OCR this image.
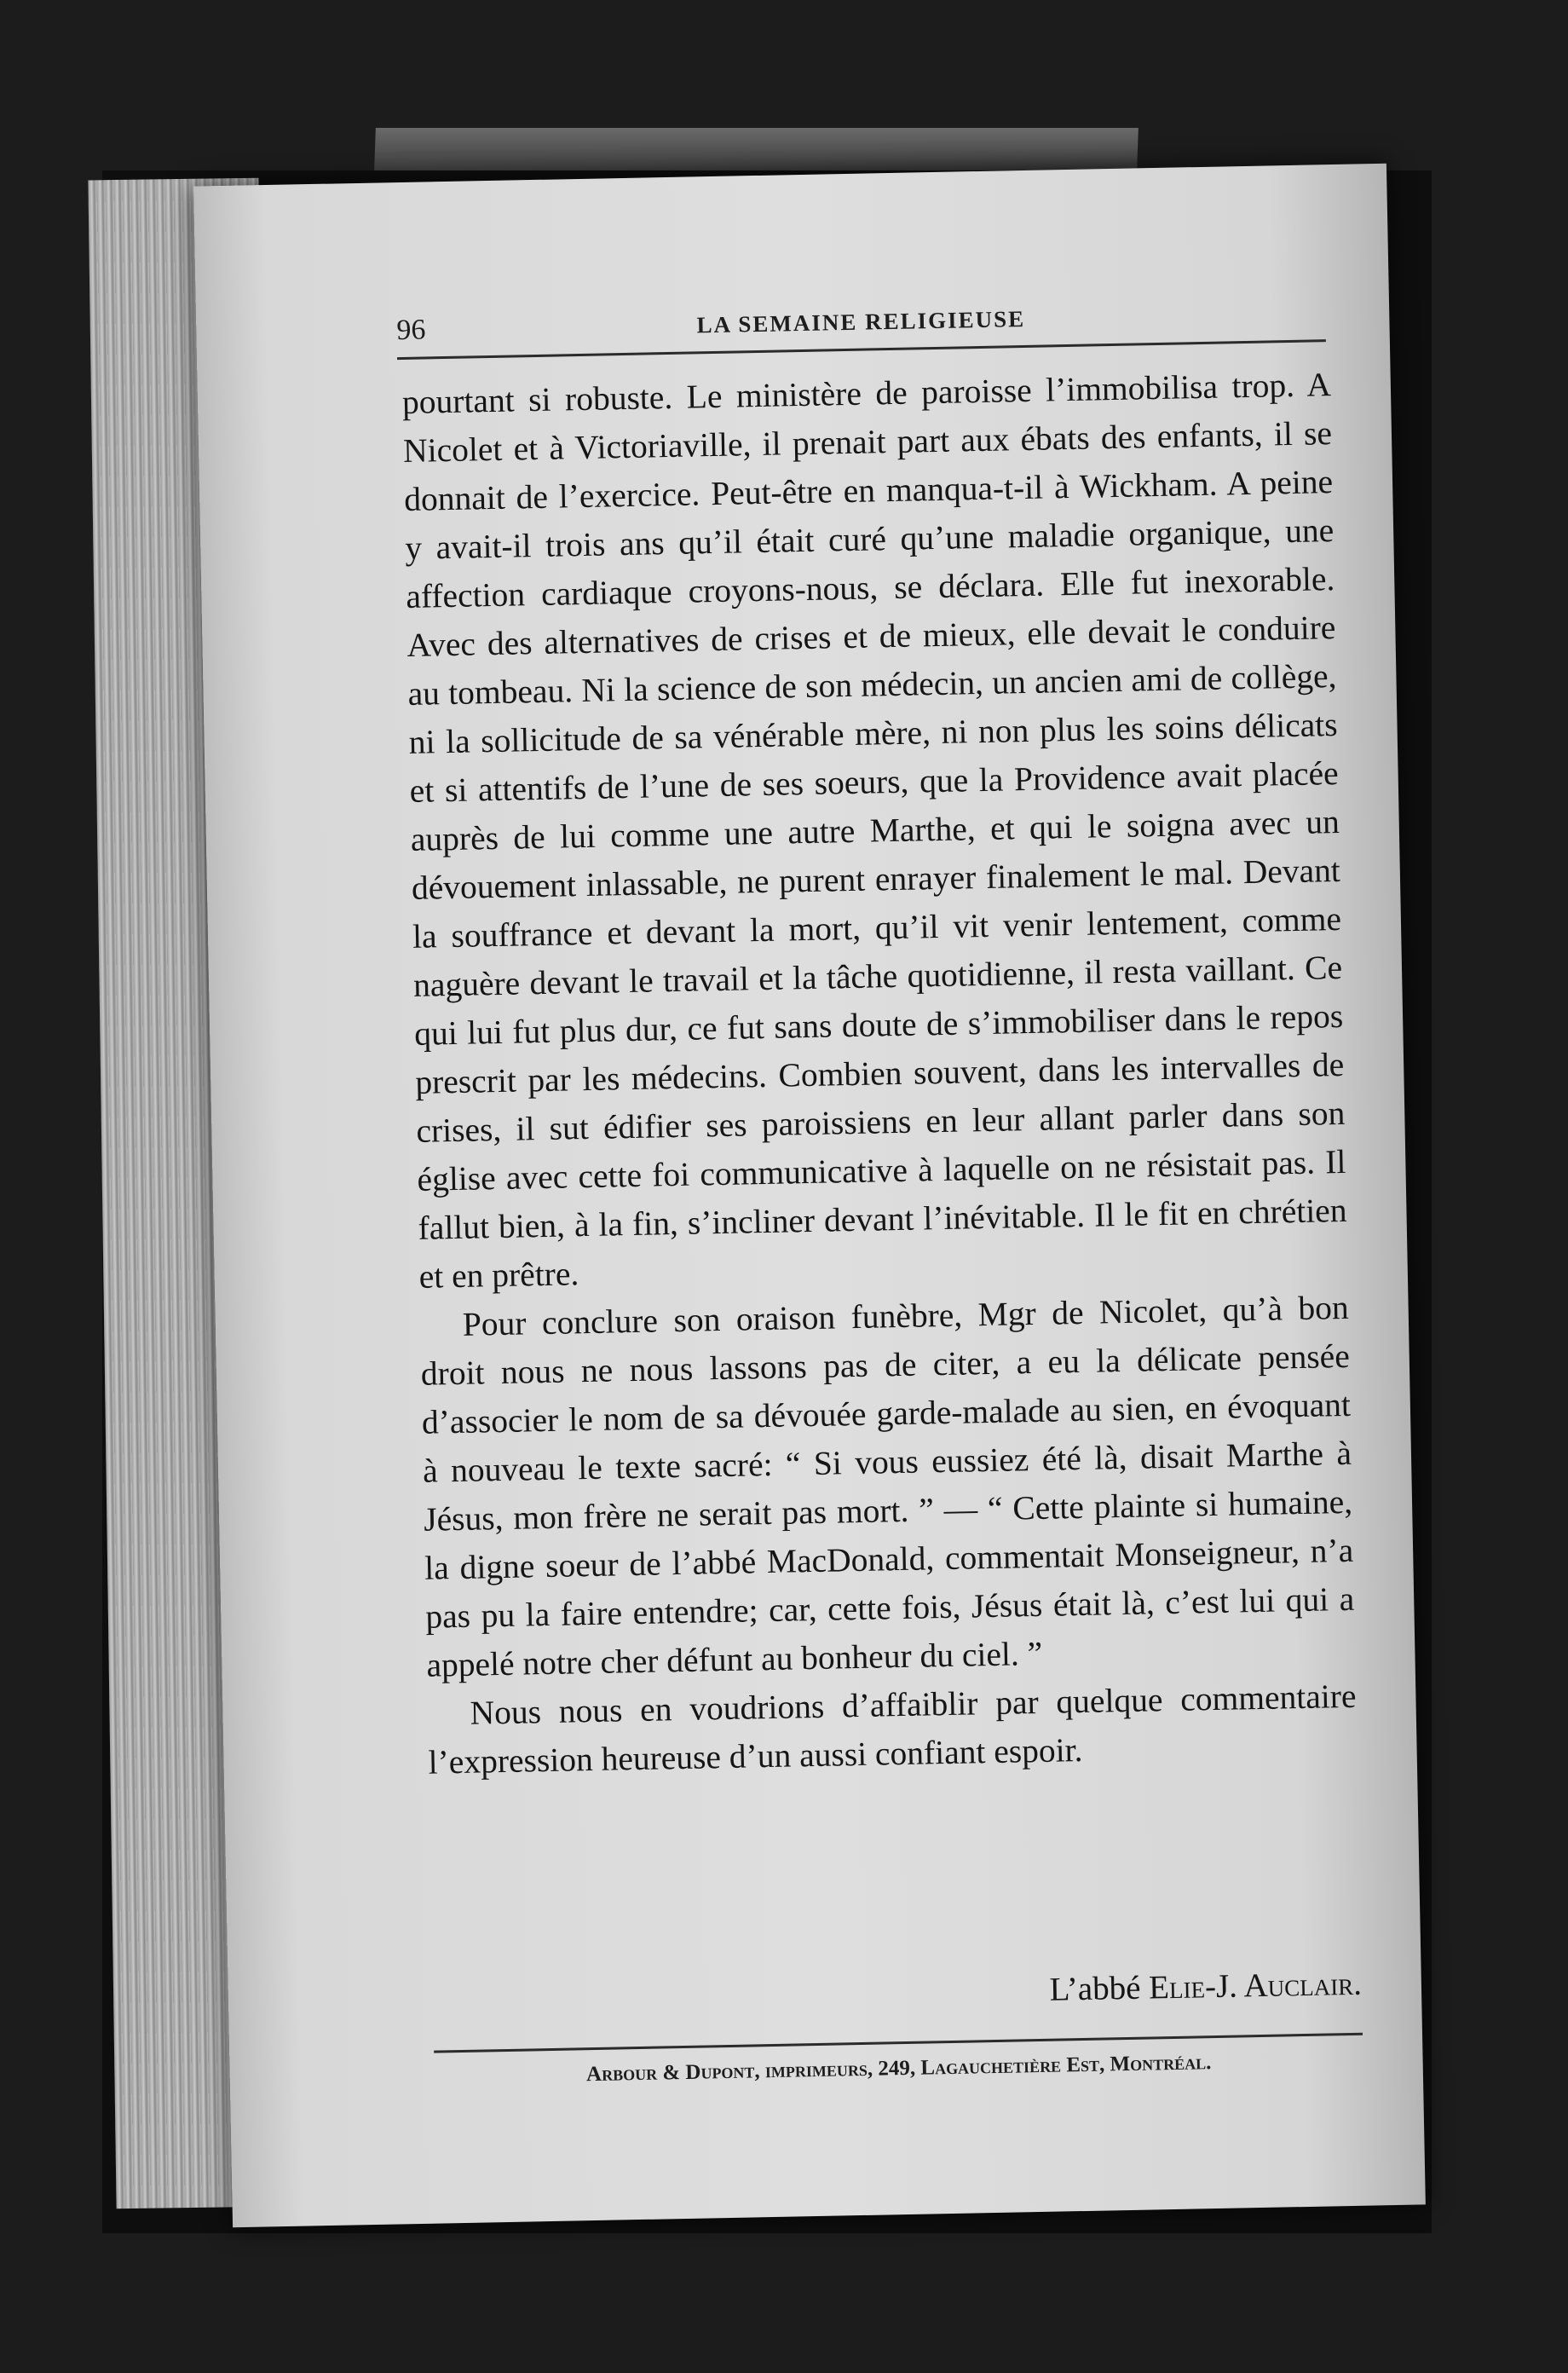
96	LA SEMAINE RELIGIEUSE

pourtant si robuste. Le ministère de paroisse l’immobilisa trop. A Nicolet et à Victoriaville, il prenait part aux ébats des enfants, il se donnait de l’exercice. Peut-être en manqua-t-il à Wickham. A peine y avait-il trois ans qu’il était curé qu’une maladie organique, une affection cardiaque croyons-nous, se déclara. Elle fut inexorable. Avec des alternatives de crises et de mieux, elle devait le conduire au tombeau. Ni la science de son médecin, un ancien ami de collège, ni la sollicitude de sa vénérable mère, ni non plus les soins délicats et si attentifs de l’une de ses soeurs, que la Providence avait placée auprès de lui comme une autre Marthe, et qui le soigna avec un dévouement inlassable, ne purent enrayer finalement le mal. Devant la souffrance et devant la mort, qu’il vit venir lentement, comme naguère devant le travail et la tâche quotidienne, il resta vaillant. Ce qui lui fut plus dur, ce fut sans doute de s’immobiliser dans le repos prescrit par les médecins. Combien souvent, dans les intervalles de crises, il sut édifier ses paroissiens en leur allant parler dans son église avec cette foi communicative à laquelle on ne résistait pas. Il fallut bien, à la fin, s’incliner devant l’inévitable. Il le fit en chrétien et en prêtre.

Pour conclure son oraison funèbre, Mgr de Nicolet, qu’à bon droit nous ne nous lassons pas de citer, a eu la délicate pensée d’associer le nom de sa dévouée garde-malade au sien, en évoquant à nouveau le texte sacré: “ Si vous eussiez été là, disait Marthe à Jésus, mon frère ne serait pas mort. ” — “ Cette plainte si humaine, la digne soeur de l’abbé MacDonald, commentait Monseigneur, n’a pas pu la faire entendre; car, cette fois, Jésus était là, c’est lui qui a appelé notre cher défunt au bonheur du ciel. ”

Nous nous en voudrions d’affaiblir par quelque commentaire l’expression heureuse d’un aussi confiant espoir.

L’abbé Elie-J. Auclair.
Arbour & Dupont, imprimeurs, 249, Lagauchetière Est, Montréal.
